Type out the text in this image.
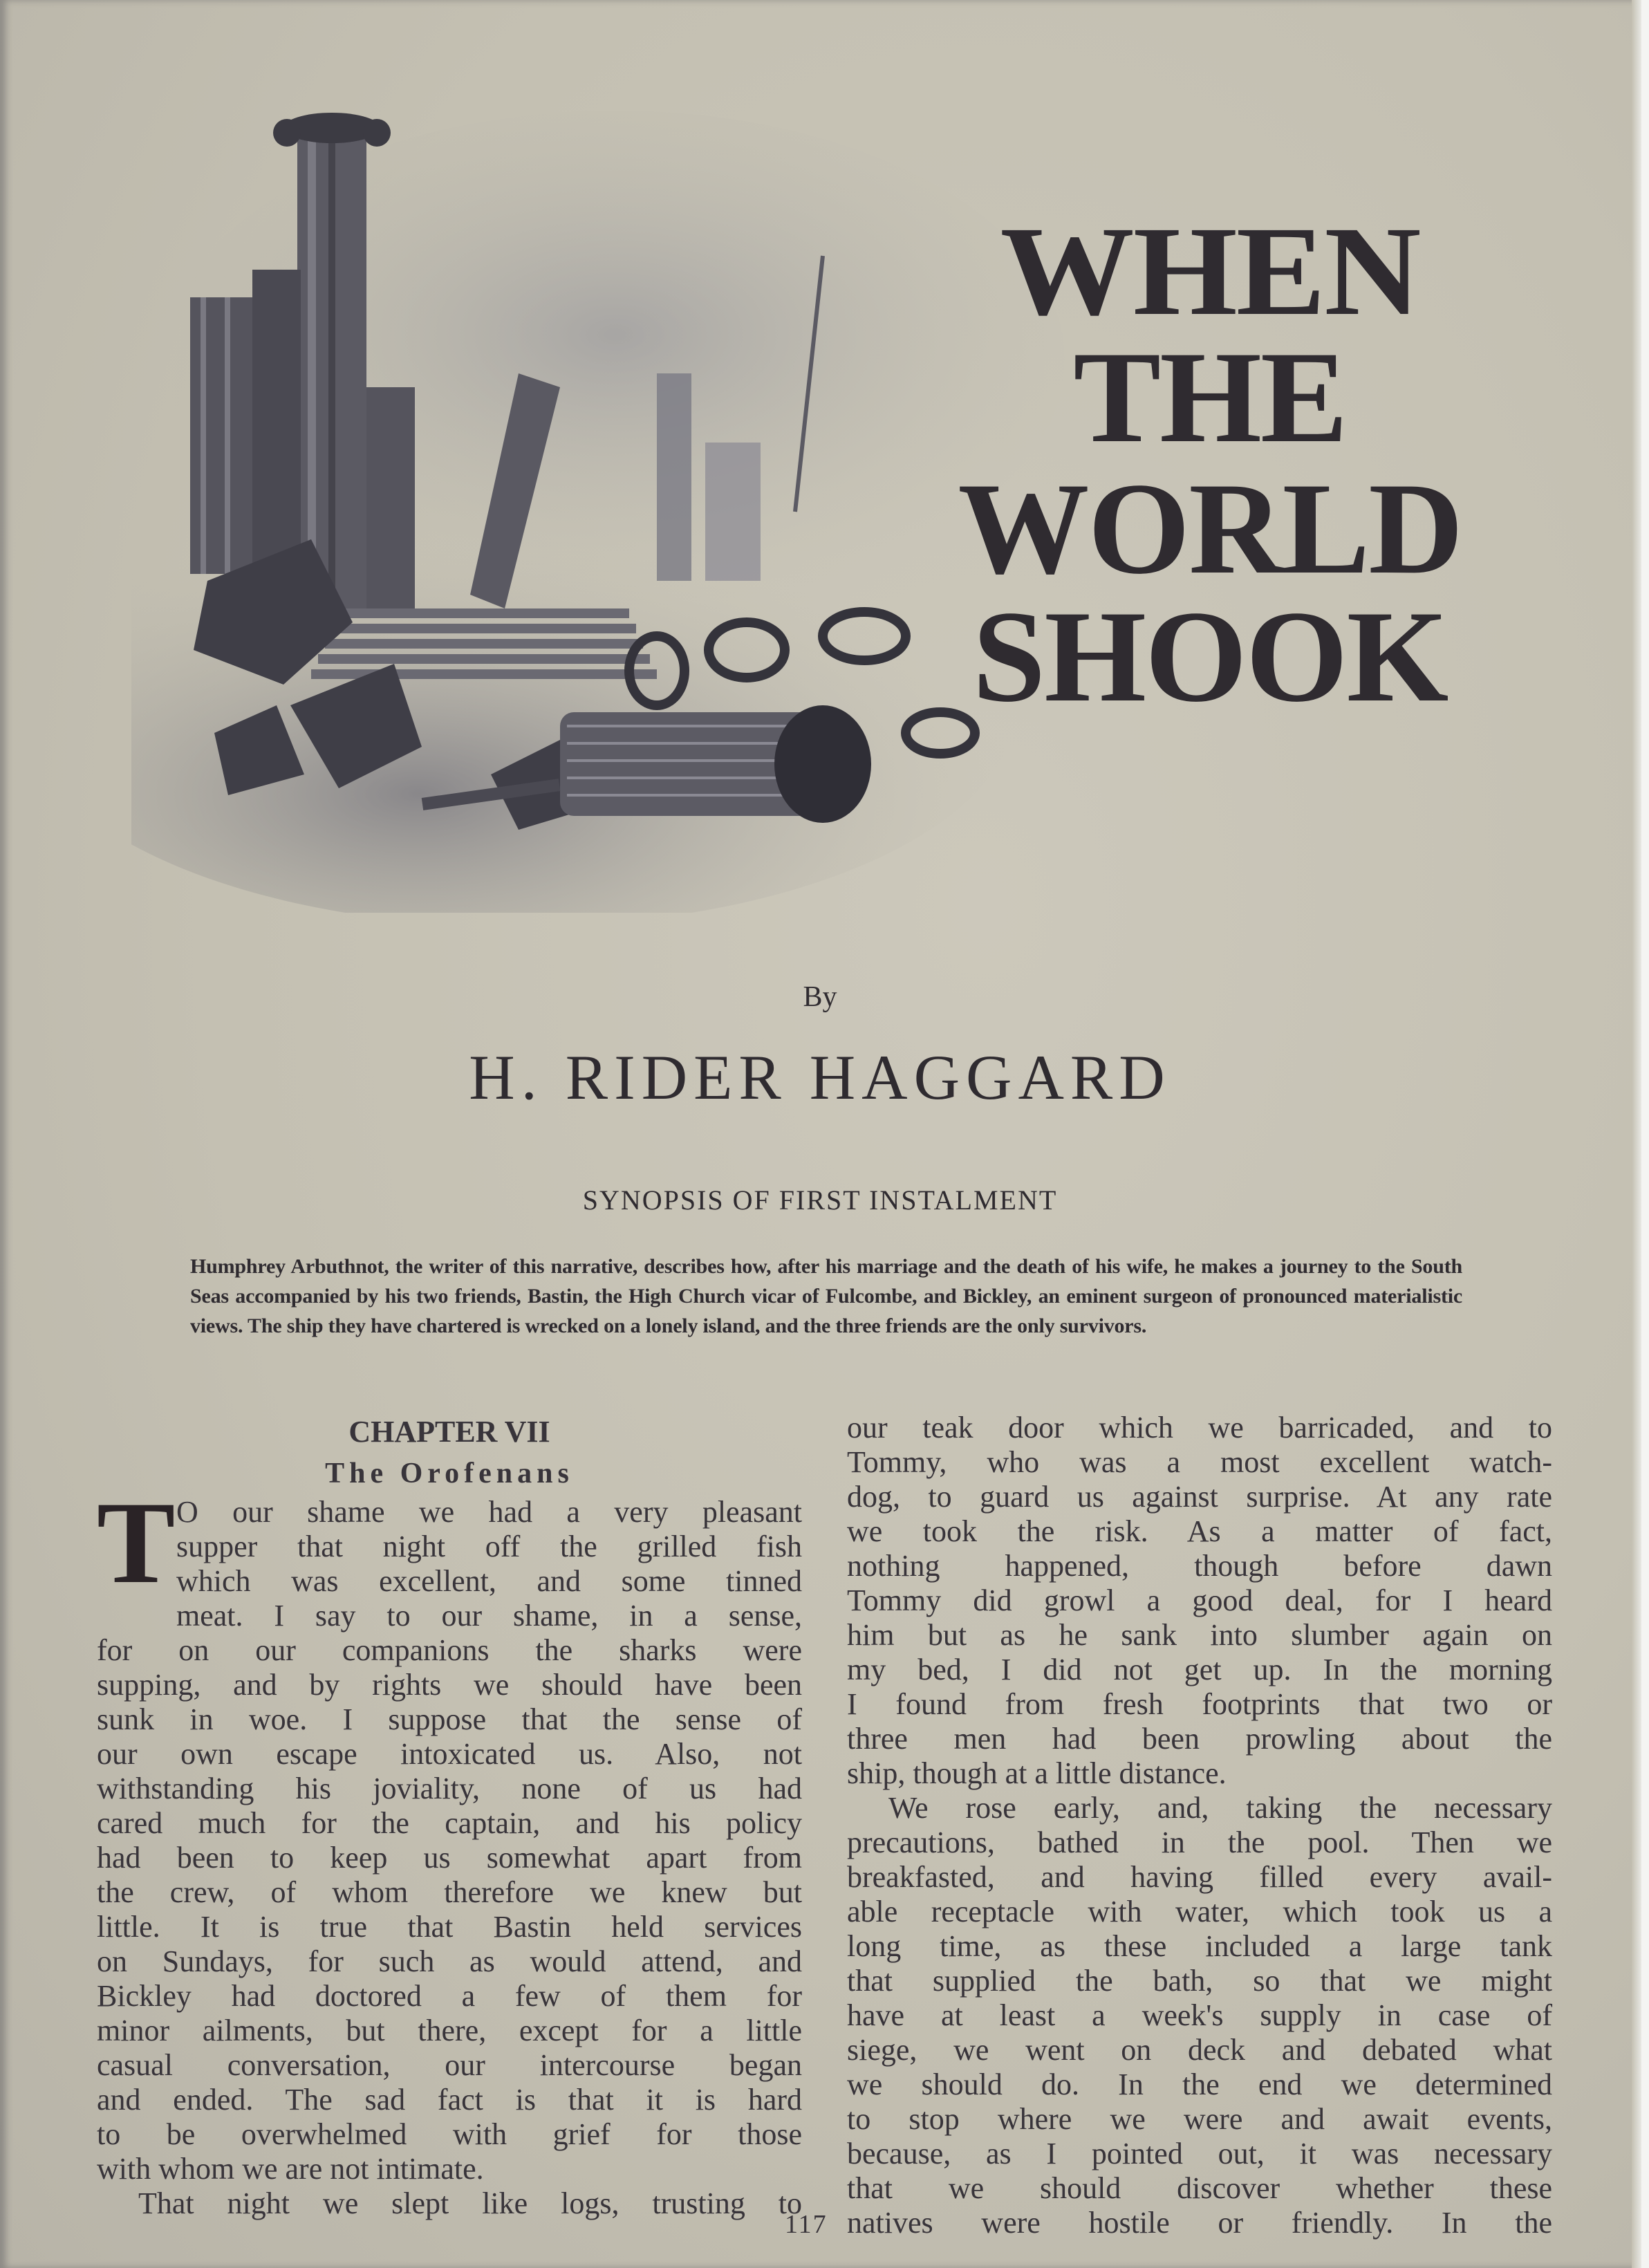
WHEN
THE WORLD
SHOOK
By
H. RIDER HAGGARD
SYNOPSIS OF FIRST INSTALMENT
Humphrey Arbuthnot, the writer of this narrative, describes how, after his marriage and the death of his wife, he makes a journey to the South Seas accompanied by his two friends, Bastin, the High Church vicar of Fulcombe, and Bickley, an eminent surgeon of pronounced materialistic views. The ship they have chartered is wrecked on a lonely island, and the three friends are the only survivors.
CHAPTER VII
The Orofenans
T O our shame we had a very pleasant
supper that night off the grilled fish
which was excellent, and some tinned
meat. I say to our shame, in a sense,
for on our companions the sharks were
supping, and by rights we should have been
sunk in woe. I suppose that the sense of
our own escape intoxicated us. Also, not
withstanding his joviality, none of us had
cared much for the captain, and his policy
had been to keep us somewhat apart from
the crew, of whom therefore we knew but
little. It is true that Bastin held services
on Sundays, for such as would attend, and
Bickley had doctored a few of them for
minor ailments, but there, except for a little
casual conversation, our intercourse began
and ended. The sad fact is that it is hard
to be overwhelmed with grief for those
with whom we are not intimate.
That night we slept like logs, trusting to
our teak door which we barricaded, and to
Tommy, who was a most excellent watch-
dog, to guard us against surprise. At any rate
we took the risk. As a matter of fact,
nothing happened, though before dawn
Tommy did growl a good deal, for I heard
him but as he sank into slumber again on
my bed, I did not get up. In the morning
I found from fresh footprints that two or
three men had been prowling about the
ship, though at a little distance.
We rose early, and, taking the necessary
precautions, bathed in the pool. Then we
breakfasted, and having filled every avail-
able receptacle with water, which took us a
long time, as these included a large tank
that supplied the bath, so that we might
have at least a week's supply in case of
siege, we went on deck and debated what
we should do. In the end we determined
to stop where we were and await events,
because, as I pointed out, it was necessary
that we should discover whether these
natives were hostile or friendly. In the
117
